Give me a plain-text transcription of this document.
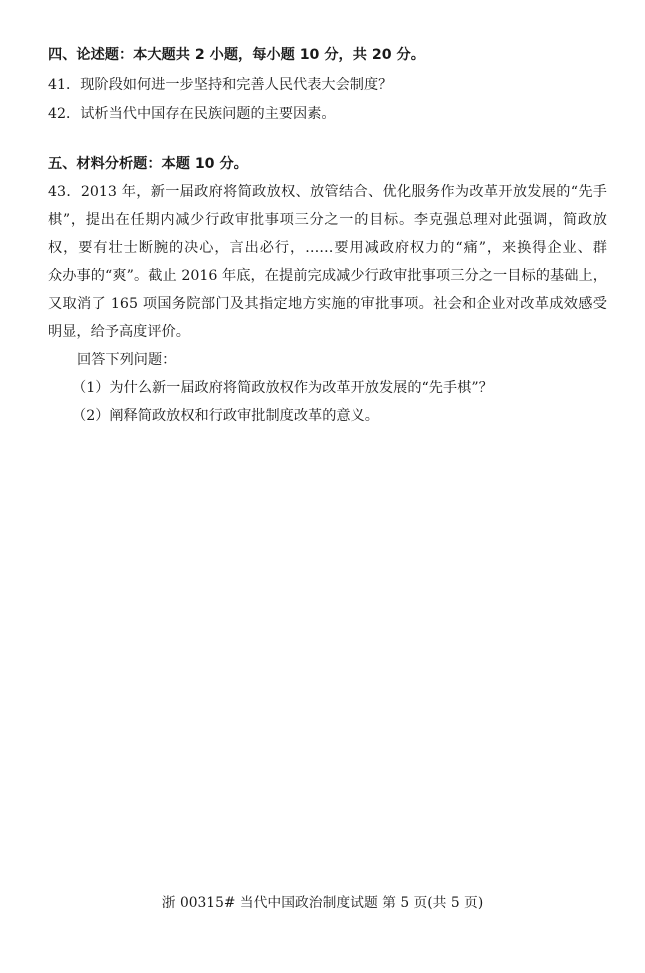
四、论述题：本大题共 2 小题，每小题 10 分，共 20 分。
41．现阶段如何进一步坚持和完善人民代表大会制度？
42．试析当代中国存在民族问题的主要因素。
五、材料分析题：本题 10 分。
43．2013 年，新一届政府将简政放权、放管结合、优化服务作为改革开放发展的“先手
棋”，提出在任期内减少行政审批事项三分之一的目标。李克强总理对此强调，简政放
权，要有壮士断腕的决心，言出必行，……要用减政府权力的“痛”，来换得企业、群
众办事的“爽”。截止 2016 年底，在提前完成减少行政审批事项三分之一目标的基础上，
又取消了 165 项国务院部门及其指定地方实施的审批事项。社会和企业对改革成效感受
明显，给予高度评价。
回答下列问题：
（1）为什么新一届政府将简政放权作为改革开放发展的“先手棋”？
（2）阐释简政放权和行政审批制度改革的意义。
浙 00315# 当代中国政治制度试题 第 5 页(共 5 页)
